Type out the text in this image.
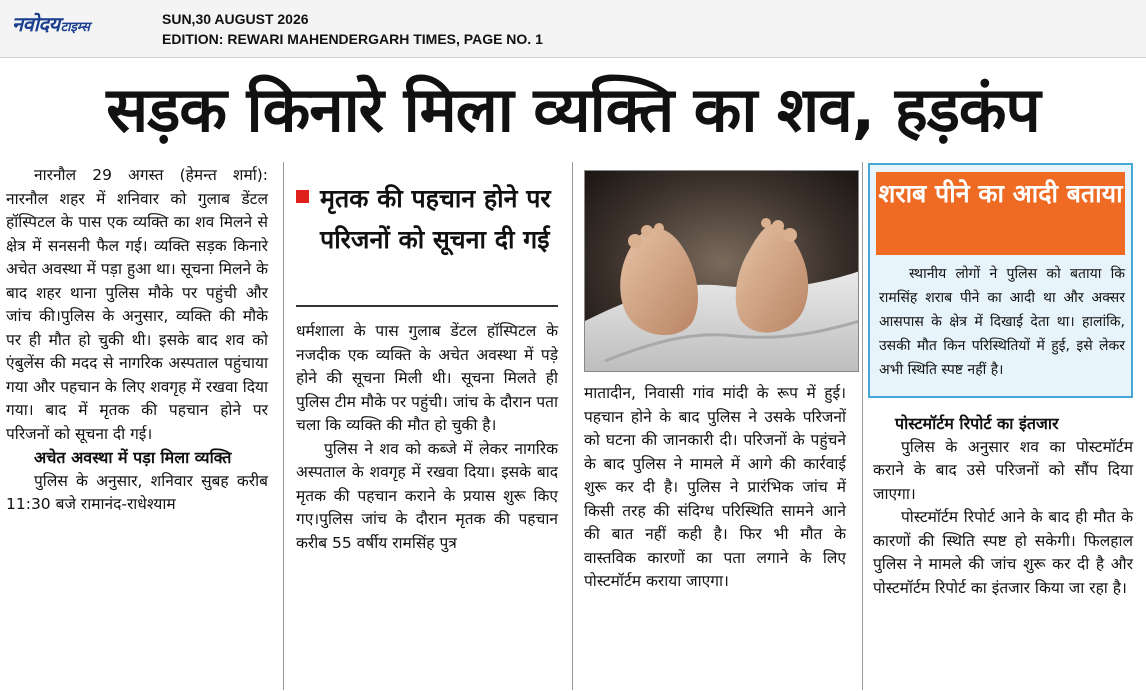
नवोदयटाइम्स
SUN,30 AUGUST 2026
EDITION: REWARI MAHENDERGARH TIMES, PAGE NO. 1
सड़क किनारे मिला व्यक्ति का शव, हड़कंप

नारनौल 29 अगस्त (हेमन्त शर्मा): नारनौल शहर में शनिवार को गुलाब डेंटल हॉस्पिटल के पास एक व्यक्ति का शव मिलने से क्षेत्र में सनसनी फैल गई। व्यक्ति सड़क किनारे अचेत अवस्था में पड़ा हुआ था। सूचना मिलने के बाद शहर थाना पुलिस मौके पर पहुंची और जांच की।पुलिस के अनुसार, व्यक्ति की मौके पर ही मौत हो चुकी थी। इसके बाद शव को एंबुलेंस की मदद से नागरिक अस्पताल पहुंचाया गया और पहचान के लिए शवगृह में रखवा दिया गया। बाद में मृतक की पहचान होने पर परिजनों को सूचना दी गई।

अचेत अवस्था में पड़ा मिला व्यक्ति

पुलिस के अनुसार, शनिवार सुबह करीब 11:30 बजे रामानंद-राधेश्याम

मृतक की पहचान होने पर परिजनों को सूचना दी गई

धर्मशाला के पास गुलाब डेंटल हॉस्पिटल के नजदीक एक व्यक्ति के अचेत अवस्था में पड़े होने की सूचना मिली थी। सूचना मिलते ही पुलिस टीम मौके पर पहुंची। जांच के दौरान पता चला कि व्यक्ति की मौत हो चुकी है।

पुलिस ने शव को कब्जे में लेकर नागरिक अस्पताल के शवगृह में रखवा दिया। इसके बाद मृतक की पहचान कराने के प्रयास शुरू किए गए।पुलिस जांच के दौरान मृतक की पहचान करीब 55 वर्षीय रामसिंह पुत्र

मातादीन, निवासी गांव मांदी के रूप में हुई। पहचान होने के बाद पुलिस ने उसके परिजनों को घटना की जानकारी दी। परिजनों के पहुंचने के बाद पुलिस ने मामले में आगे की कार्रवाई शुरू कर दी है। पुलिस ने प्रारंभिक जांच में किसी तरह की संदिग्ध परिस्थिति सामने आने की बात नहीं कही है। फिर भी मौत के वास्तविक कारणों का पता लगाने के लिए पोस्टमॉर्टम कराया जाएगा।

शराब पीने का आदी बताया
स्थानीय लोगों ने पुलिस को बताया कि रामसिंह शराब पीने का आदी था और अक्सर आसपास के क्षेत्र में दिखाई देता था। हालांकि, उसकी मौत किन परिस्थितियों में हुई, इसे लेकर अभी स्थिति स्पष्ट नहीं है।
पोस्टमॉर्टम रिपोर्ट का इंतजार

पुलिस के अनुसार शव का पोस्टमॉर्टम कराने के बाद उसे परिजनों को सौंप दिया जाएगा।

पोस्टमॉर्टम रिपोर्ट आने के बाद ही मौत के कारणों की स्थिति स्पष्ट हो सकेगी। फिलहाल पुलिस ने मामले की जांच शुरू कर दी है और पोस्टमॉर्टम रिपोर्ट का इंतजार किया जा रहा है।
